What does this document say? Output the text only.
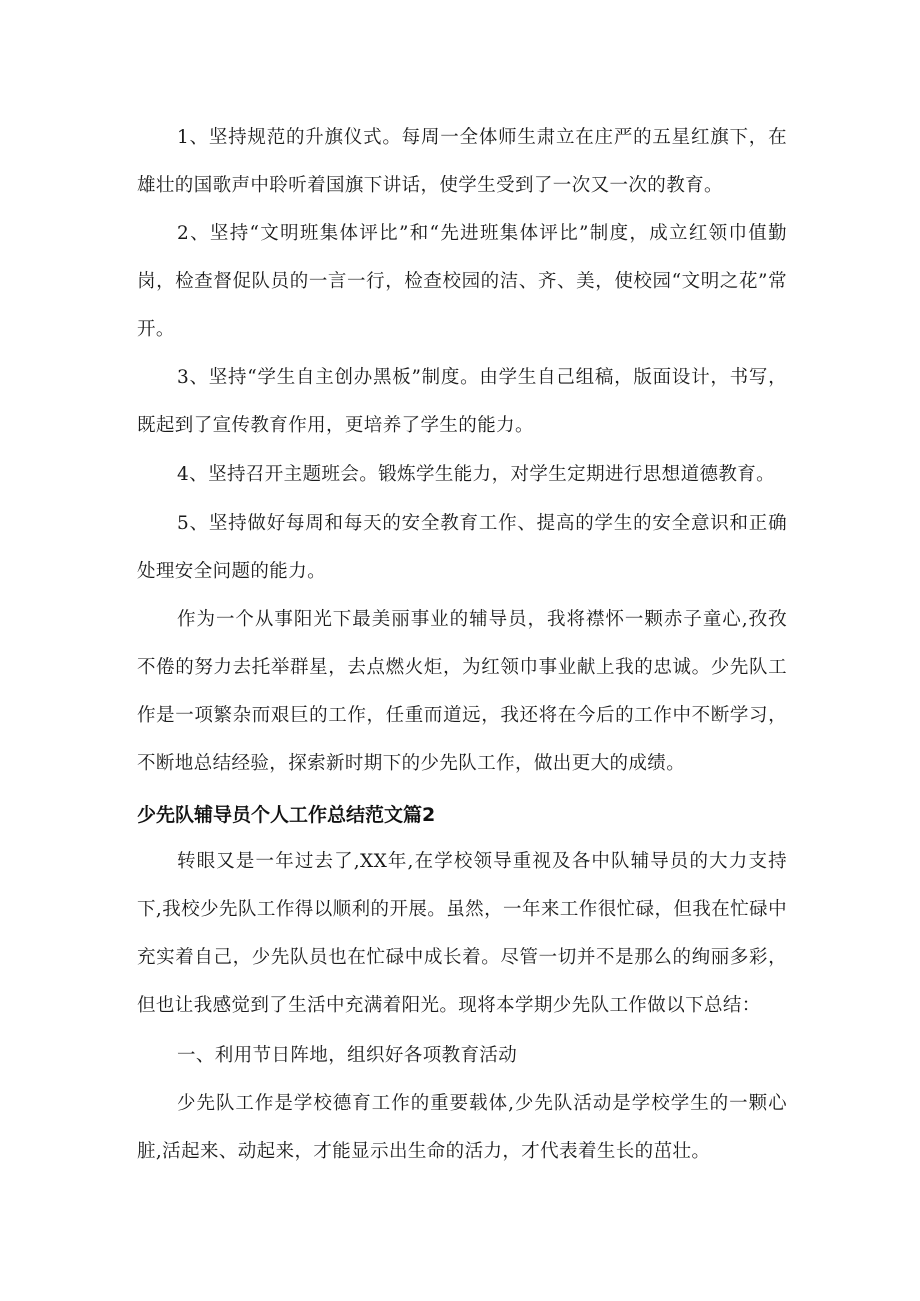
1、坚持规范的升旗仪式。每周一全体师生肃立在庄严的五星红旗下，在雄壮的国歌声中聆听着国旗下讲话，使学生受到了一次又一次的教育。

2、坚持“文明班集体评比”和“先进班集体评比”制度，成立红领巾值勤岗，检查督促队员的一言一行，检查校园的洁、齐、美，使校园“文明之花”常开。

3、坚持“学生自主创办黑板”制度。由学生自己组稿，版面设计，书写，既起到了宣传教育作用，更培养了学生的能力。

4、坚持召开主题班会。锻炼学生能力，对学生定期进行思想道德教育。

5、坚持做好每周和每天的安全教育工作、提高的学生的安全意识和正确处理安全问题的能力。

作为一个从事阳光下最美丽事业的辅导员，我将襟怀一颗赤子童心,孜孜不倦的努力去托举群星，去点燃火炬，为红领巾事业献上我的忠诚。少先队工作是一项繁杂而艰巨的工作，任重而道远，我还将在今后的工作中不断学习，不断地总结经验，探索新时期下的少先队工作，做出更大的成绩。

少先队辅导员个人工作总结范文篇2

转眼又是一年过去了,XX年,在学校领导重视及各中队辅导员的大力支持下,我校少先队工作得以顺利的开展。虽然，一年来工作很忙碌，但我在忙碌中充实着自己，少先队员也在忙碌中成长着。尽管一切并不是那么的绚丽多彩，但也让我感觉到了生活中充满着阳光。现将本学期少先队工作做以下总结：

一、利用节日阵地，组织好各项教育活动

少先队工作是学校德育工作的重要载体,少先队活动是学校学生的一颗心脏,活起来、动起来，才能显示出生命的活力，才代表着生长的茁壮。
